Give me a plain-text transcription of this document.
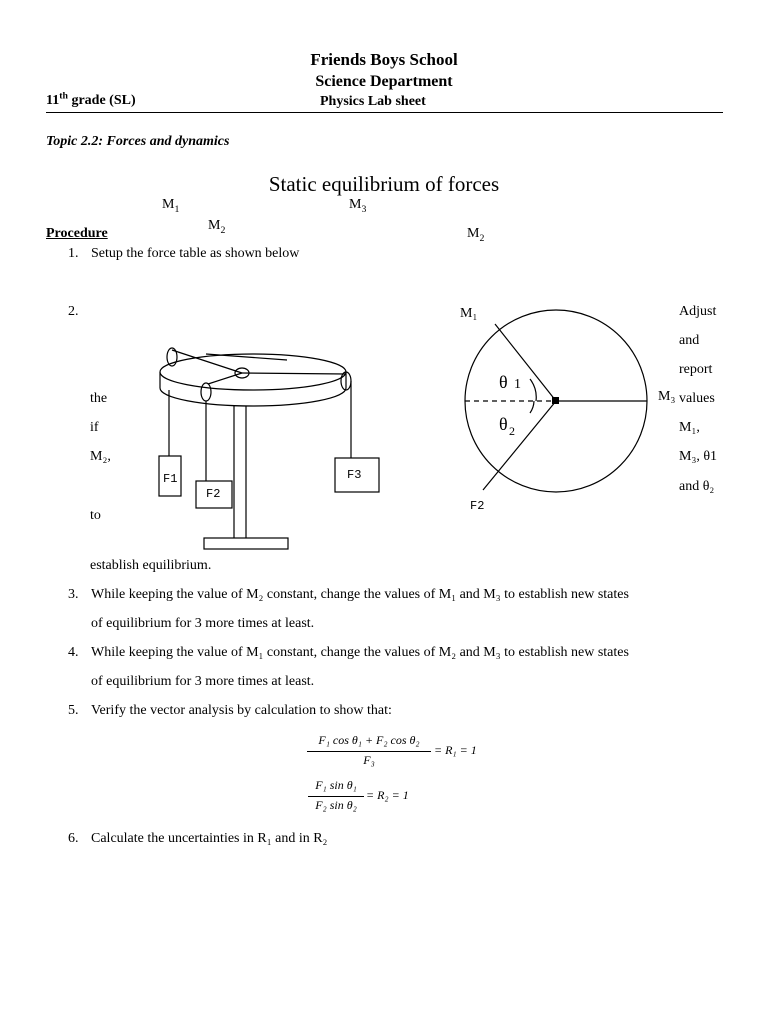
Friends Boys School
Science Department
11th grade (SL)	Physics Lab sheet
Topic 2.2: Forces and dynamics
Static equilibrium of forces
$M_1$	$M_3$
$M_2$	$M_2$
Procedure
1. Setup the force table as shown below
2.
the
if
M₂,
to
Adjust
and
report
values
M₁,
M₃, θ1
and θ₂
establish equilibrium.
F1
F2
F3
M₁
M₃
F2
θ 1
θ 2
3. While keeping the value of M₂ constant, change the values of M₁ and M₃ to establish new states
of equilibrium for 3 more times at least.
4. While keeping the value of M₁ constant, change the values of M₂ and M₃ to establish new states
of equilibrium for 3 more times at least.
5. Verify the vector analysis by calculation to show that:
F₁ cos θ₁ + F₂ cos θ₂
F₃
= R₁ = 1
F₁ sin θ₁
F₂ sin θ₂
= R₂ = 1
6. Calculate the uncertainties in R₁ and in R₂
